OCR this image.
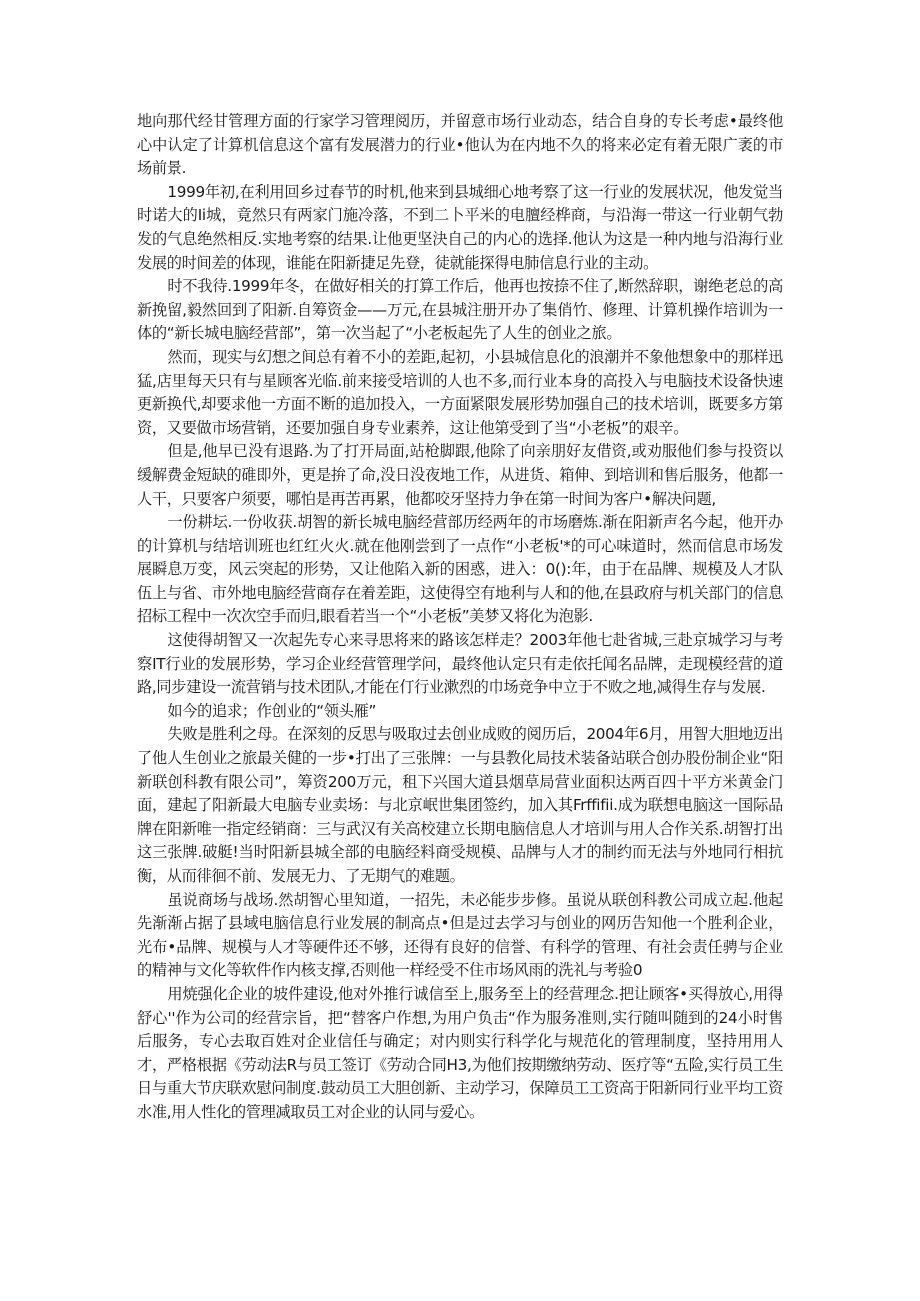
地向那代经甘管理方面的行家学习管理阅历，并留意市场行业动态，结合自身的专长考虑•最终他心中认定了计算机信息这个富有发展潜力的行业•他认为在内地不久的将来必定有着无限广袤的市场前景.

1999年初,在利用回乡过春节的时机,他来到县城细心地考察了这一行业的发展状况，他发觉当时诺大的Ii城，竟然只有两家门施冷落，不到二卜平米的电膻经桦商，与沿海一带这一行业朝气勃发的气息绝然相反.实地考察的结果.让他更坚決自己的内心的选择.他认为这是一种内地与沿海行业发展的时间差的体现，谁能在阳新捷足先登，徒就能探得电肺信息行业的主动。

时不我待.1999年冬，在做好相关的打算工作后，他再也按捺不住了,断然辞职，谢绝老总的高新挽留,毅然回到了阳新.自筹资金——万元,在县城注册开办了集俏竹、修理、计算机操作培训为一体的“新长城电脑经营部”，第一次当起了“小老板起先了人生的创业之旅。

然而，现实与幻想之间总有着不小的差距,起初，小县城信息化的浪潮并不象他想象中的那样迅猛,店里每天只有与星顾客光临.前来接受培训的人也不多,而行业本身的高投入与电脑技术设备快速更新换代,却要求他一方面不断的追加投入，一方面紧限发展形势加强自己的技术培训，既要多方第资，又要做市场营销，还要加强自身专业素养，这让他第受到了当“小老板”的艰辛。

但是,他早已没有退路.为了打开局面,站枪脚跟,他除了向亲朋好友借资,或劝服他们参与投资以缓解费金短缺的碓即外，更是拚了命,没日没夜地工作，从进货、箱伸、到培训和售后服务，他都一人干，只要客户须要，哪怕是再苦再累，他都咬牙坚持力争在第一时间为客户•解决问题,

一份耕坛.一份收获.胡智的新长城电脑经营部历经两年的市场磨炼.渐在阳新声名今起，他开办的计算机与结培训班也红红火火.就在他刚尝到了一点作“小老板'*的可心味道时，然而信息市场发展瞬息万变，风云突起的形势，又让他陷入新的困惑，进入：0():年，由于在品牌、规模及人才队伍上与省、市外地电脑经营商存在着差距，这使得空有地利与人和的他,在县政府与机关部门的信息招标工程中一次次空手而归,眼看若当一个“小老板”美梦又将化为泡影.

这使得胡智又一次起先专心来寻思将来的路该怎样走？2003年他七赴省城,三赴京城学习与考察IT行业的发展形势，学习企业经营管理学问，最终他认定只有走依托闻名品牌，走现模经营的道路,同步建设一流营销与技术团队,才能在仃行业漱烈的巾场竞争中立于不败之地,减得生存与发展.

如今的追求；作创业的“领头雁”

失败是胜利之母。在深刻的反思与吸取过去创业成败的阅历后，2004年6月，用智大胆地迈出了他人生创业之旅最关健的一步•打出了三张牌：一与县教化局技术装备站联合创办股份制企业“阳新联创科教有限公司”，筹资200万元，租下兴国大道县烟草局营业面积达两百四十平方米黄金门面，建起了阳新最大电脑专业卖场：与北京岷世集团签约，加入其Frffifii.成为联想电脑这一国际品牌在阳新唯一指定经销商：三与武汉有关高校建立长期电脑信息人才培训与用人合作关系.胡智打出这三张牌.破艇!当时阳新县城全部的电脑经料商受规模、品牌与人才的制约而无法与外地同行相抗衡，从而徘徊不前、发展无力、了无期气的难题。

虽说商场与战场.然胡智心里知道，一招先，未必能步步修。虽说从联创科教公司成立起.他起先渐渐占据了县域电脑信息行业发展的制高点•但是过去学习与创业的网历告知他一个胜利企业，光布•品牌、规模与人才等硬件还不够，还得有良好的信誉、有科学的管理、有社会责任骋与企业的精神与文化等软件作内核支撑,否则他一样经受不住市场风雨的洗礼与考验0

用焼强化企业的坡件建设,他对外推行诚信至上,服务至上的经营理念.把让顾客•买得放心,用得舒心''作为公司的经营宗旨，把“替客户作想,为用户负击“作为服务准则,实行随叫随到的24小时售后服务，专心去取百姓对企业信任与确定；对内则实行科学化与规范化的管理制度，坚持用用人才，严格根据《劳动法R与员工签订《劳动合同H3,为他们按期缴纳劳动、医疗等“五险,实行员工生日与重大节庆联欢慰问制度.鼓动员工大胆创新、主动学习，保障员工工资高于阳新同行业平均工资水准,用人性化的管理减取员工对企业的认同与爱心。
